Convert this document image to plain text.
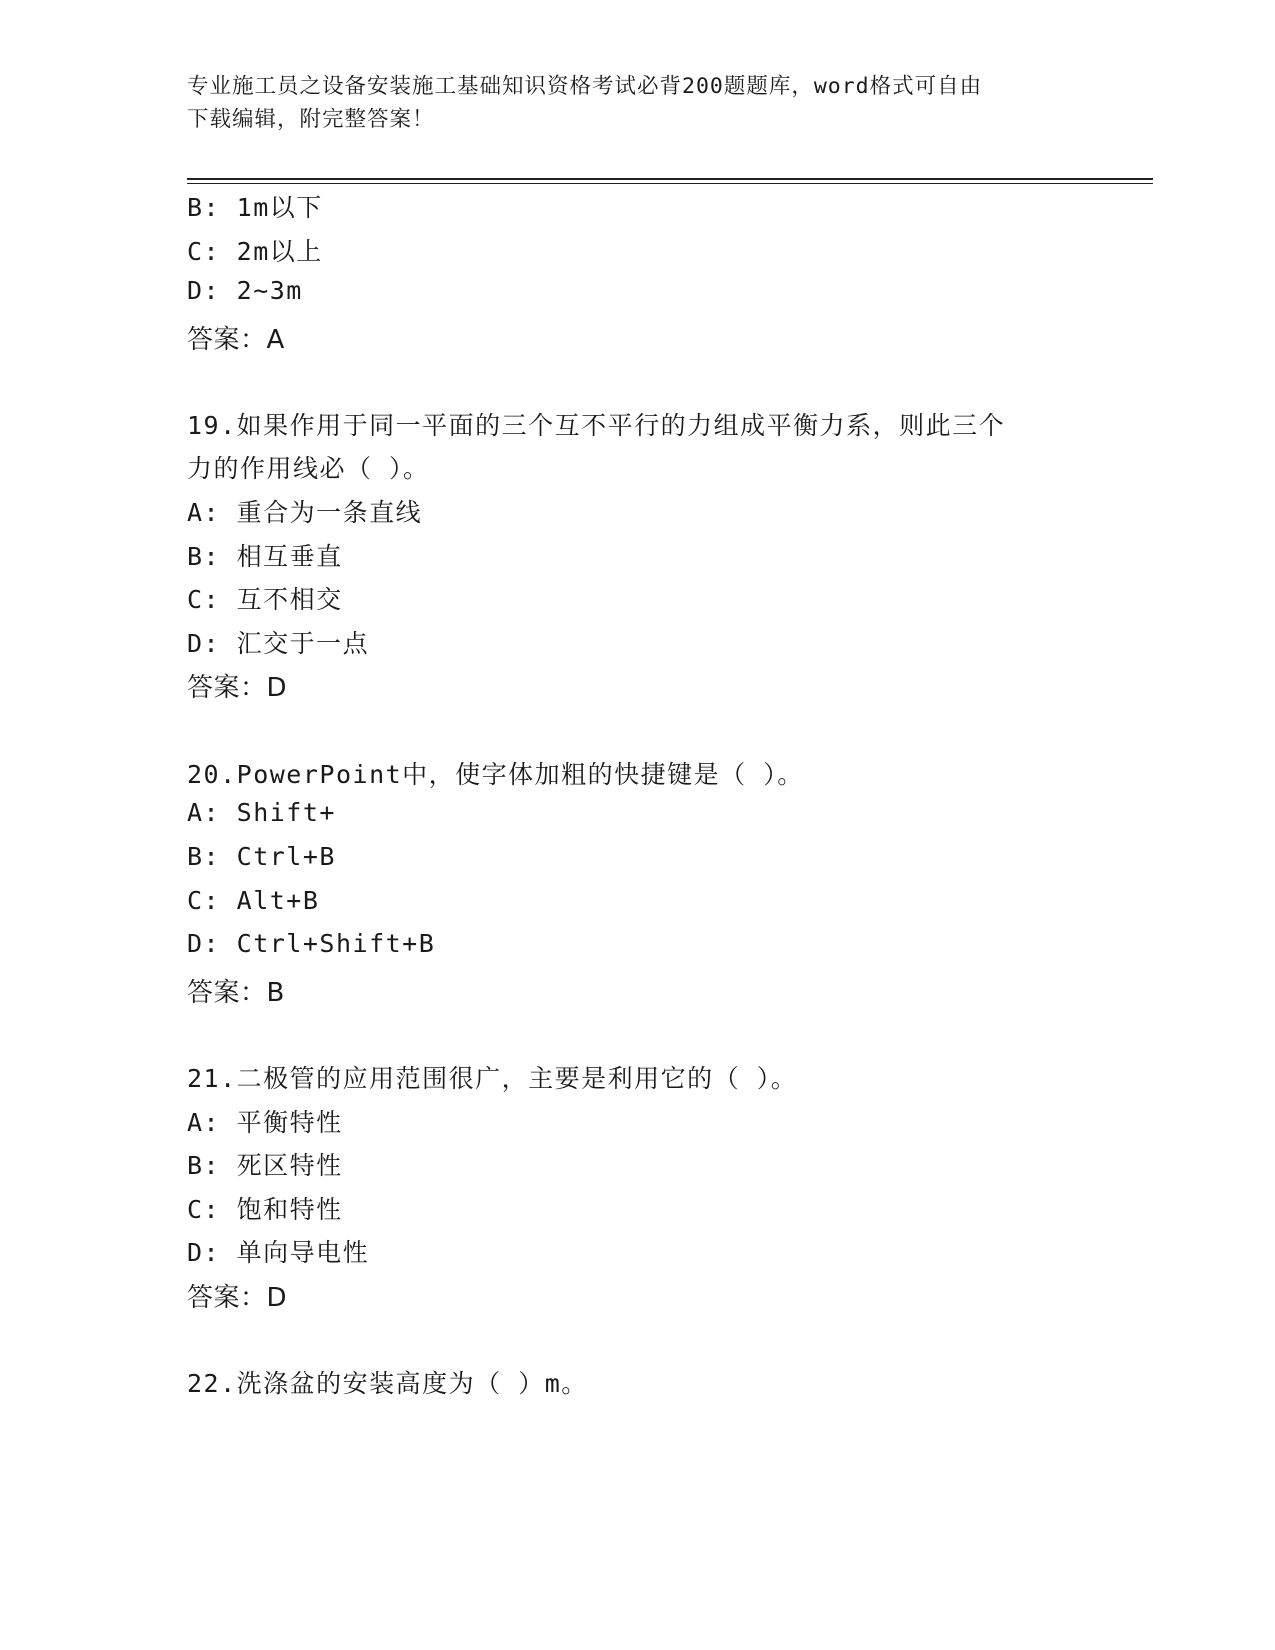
专业施工员之设备安装施工基础知识资格考试必背200题题库，word格式可自由
下载编辑，附完整答案！
B: 1m以下
C: 2m以上
D: 2~3m
答案：A
19.如果作用于同一平面的三个互不平行的力组成平衡力系，则此三个
力的作用线必（ ）。
A: 重合为一条直线
B: 相互垂直
C: 互不相交
D: 汇交于一点
答案：D
20.PowerPoint中，使字体加粗的快捷键是（ ）。
A: Shift+
B: Ctrl+B
C: Alt+B
D: Ctrl+Shift+B
答案：B
21.二极管的应用范围很广，主要是利用它的（ ）。
A: 平衡特性
B: 死区特性
C: 饱和特性
D: 单向导电性
答案：D
22.洗涤盆的安装高度为（ ）m。
